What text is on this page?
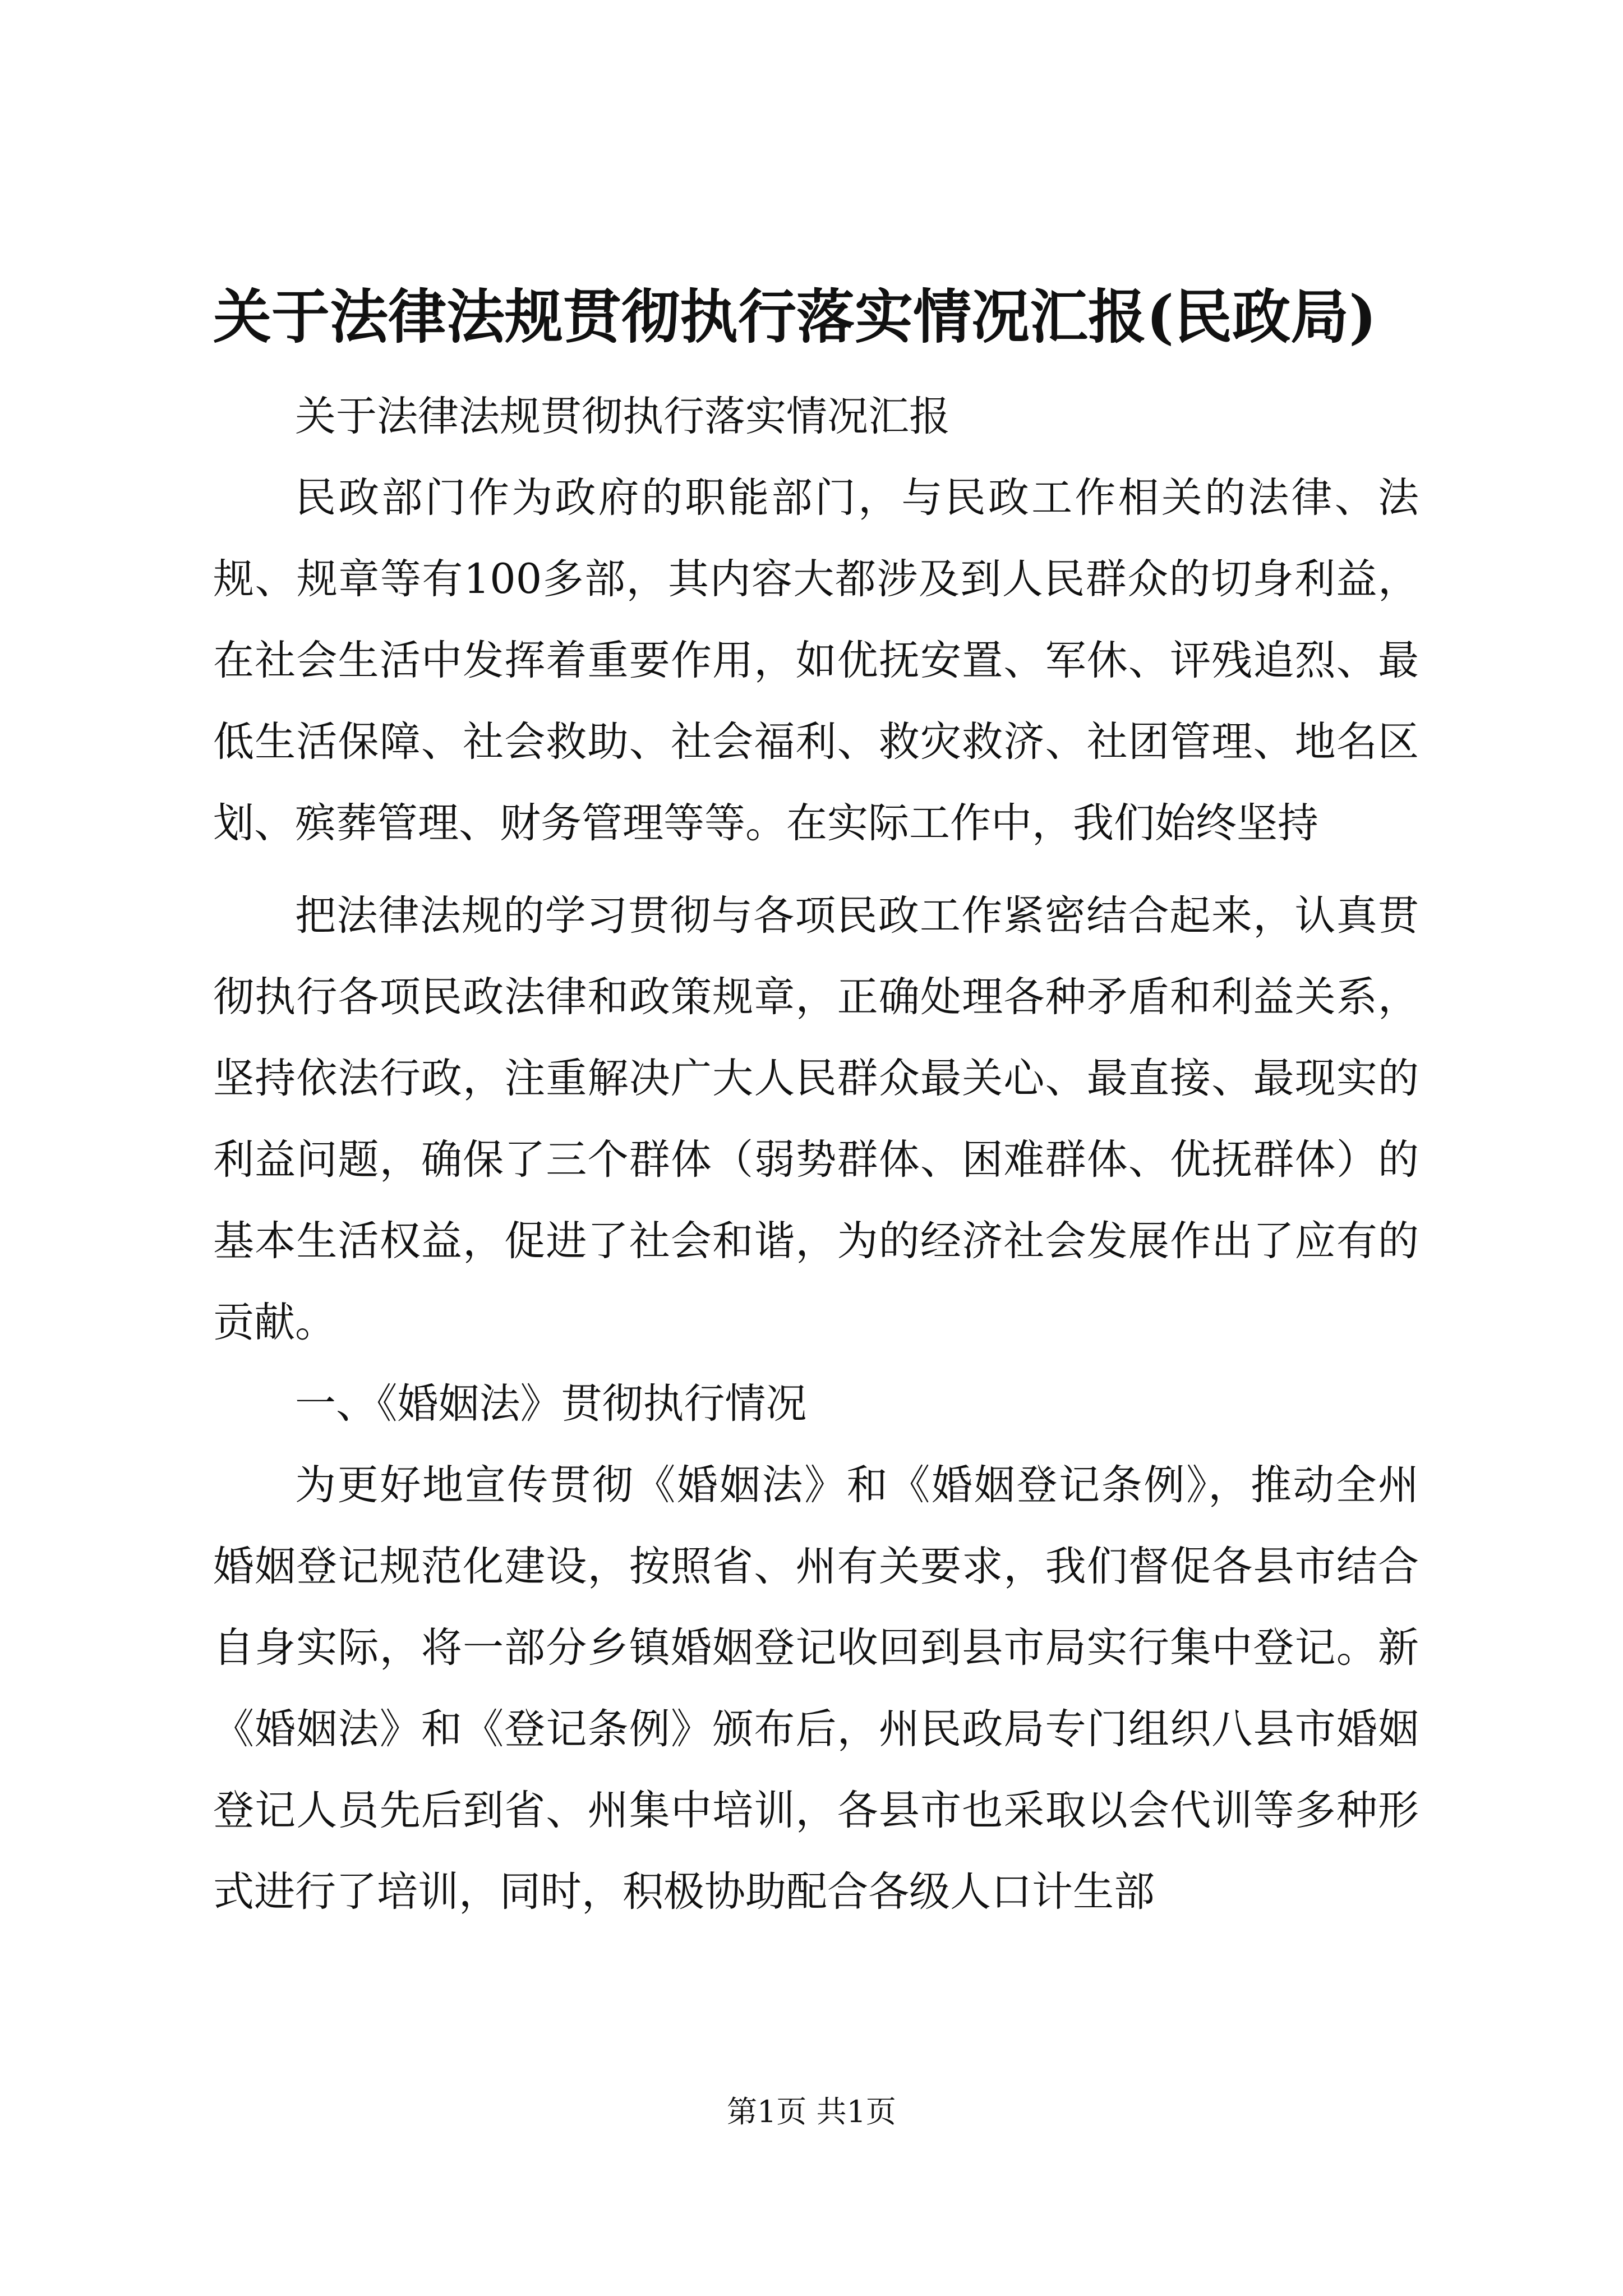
关于法律法规贯彻执行落实情况汇报(民政局)

关于法律法规贯彻执行落实情况汇报

民政部门作为政府的职能部门，与民政工作相关的法律、法规、规章等有100多部，其内容大都涉及到人民群众的切身利益，在社会生活中发挥着重要作用，如优抚安置、军休、评残追烈、最低生活保障、社会救助、社会福利、救灾救济、社团管理、地名区划、殡葬管理、财务管理等等。在实际工作中，我们始终坚持

把法律法规的学习贯彻与各项民政工作紧密结合起来，认真贯彻执行各项民政法律和政策规章，正确处理各种矛盾和利益关系，坚持依法行政，注重解决广大人民群众最关心、最直接、最现实的利益问题，确保了三个群体（弱势群体、困难群体、优抚群体）的基本生活权益，促进了社会和谐，为的经济社会发展作出了应有的贡献。

一、《婚姻法》贯彻执行情况

为更好地宣传贯彻《婚姻法》和《婚姻登记条例》，推动全州婚姻登记规范化建设，按照省、州有关要求，我们督促各县市结合自身实际，将一部分乡镇婚姻登记收回到县市局实行集中登记。新《婚姻法》和《登记条例》颁布后，州民政局专门组织八县市婚姻登记人员先后到省、州集中培训，各县市也采取以会代训等多种形式进行了培训，同时，积极协助配合各级人口计生部

第1页 共1页
